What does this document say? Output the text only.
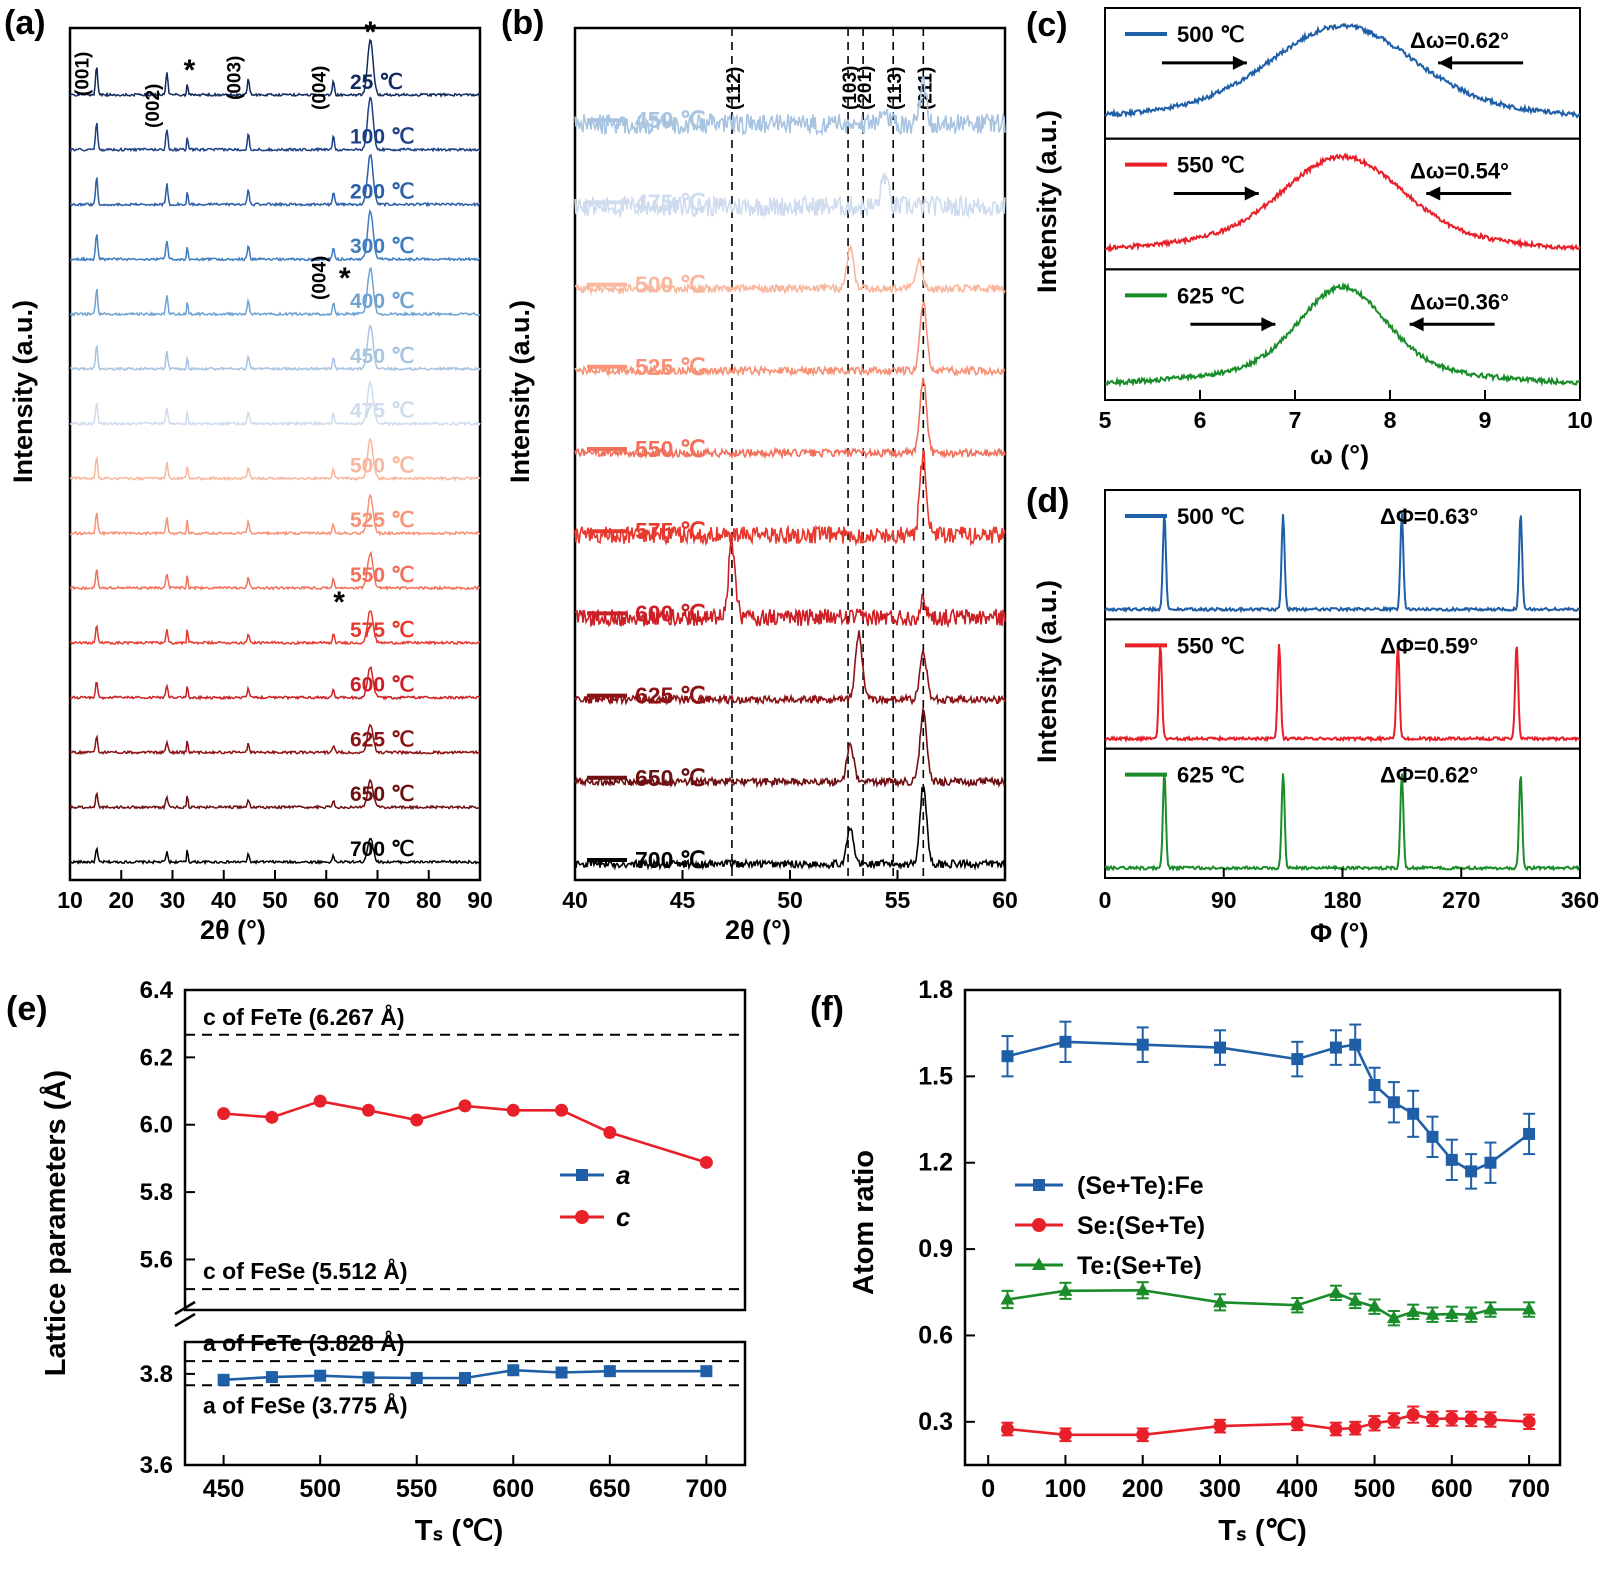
(a)
Intensity (a.u.)
10 20 30 40 50 60 70 80 90
700 ℃
650 ℃
625 ℃
600 ℃
575 ℃
550 ℃
525 ℃
500 ℃
475 ℃
450 ℃
400 ℃
300 ℃
200 ℃
100 ℃
25 ℃
(001)
(002)
(003)	(004)
(004)
*
*
*
*
2θ (°)
(b)
Intensity (a.u.)
40	45	50	55	60
(112)	(103)
(201) (113) (211)
700 ℃
650 ℃
625 ℃
600 ℃
575 ℃
550 ℃
525 ℃
500 ℃
475 ℃
450 ℃
2θ (°)
(c)
Intensity (a.u.)
500 ℃	Δω=0.62°
550 ℃	Δω=0.54°
625 ℃	Δω=0.36°
5	6	7	8	9	10
ω (°)
(d)
Intensity (a.u.)
500 ℃	ΔΦ=0.63°
550 ℃	ΔΦ=0.59°
625 ℃	ΔΦ=0.62°
0	90	180	270	360
Φ (°)
(e)
Lattice parameters (Å)	5.6
5.8
6.0
6.2
6.4
3.6
3.8
450 500 550 600 650 700
c of FeTe (6.267 Å)
c of FeSe (5.512 Å)
a of FeTe (3.828 Å)
a of FeSe (3.775 Å)
a
c
Tₛ (℃)
(f)
Atom ratio
0.3
0.6
0.9
1.2
1.5
1.8
0 100 200 300 400 500 600 700
(Se+Te):Fe
Se:(Se+Te)
Te:(Se+Te)
Tₛ (℃)
